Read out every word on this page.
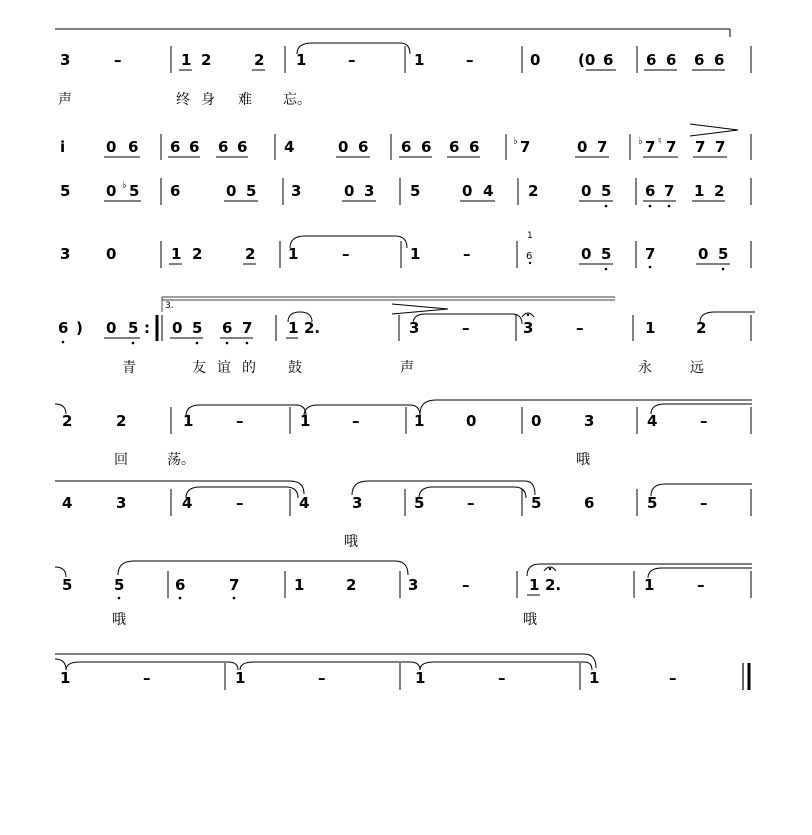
3	–	1 2	2 1	–	1	–	0	(0 6 6 6 6 6
声	终 身 难 忘。
i	0 6 6 6 6 6 4	0 6 6 6 6 6	♭ 7	0 7	♭ 7 ♮ 7 7 7
5 0 ♭ 5 6	0 5 3	0 3 5	0 4 2	0 5 6 7 1 2
3 0	1 2	2 1	–	1	–
1
6	0 5 7	0 5
6 ) 0 5 :
3.
0 5 6 7 1 2.	3	–	3	–	1	2
青	友 谊 的 鼓	声	永	远
2	2	1	–	1	–	1	0	0	3	4	–
回	荡。	哦
4	3	4	–	4	3	5	–	5	6	5	–
哦
5	5	6	7	1	2	3	–	1 2.	1	–
哦	哦
1	–	1	–	1	–	1	–
